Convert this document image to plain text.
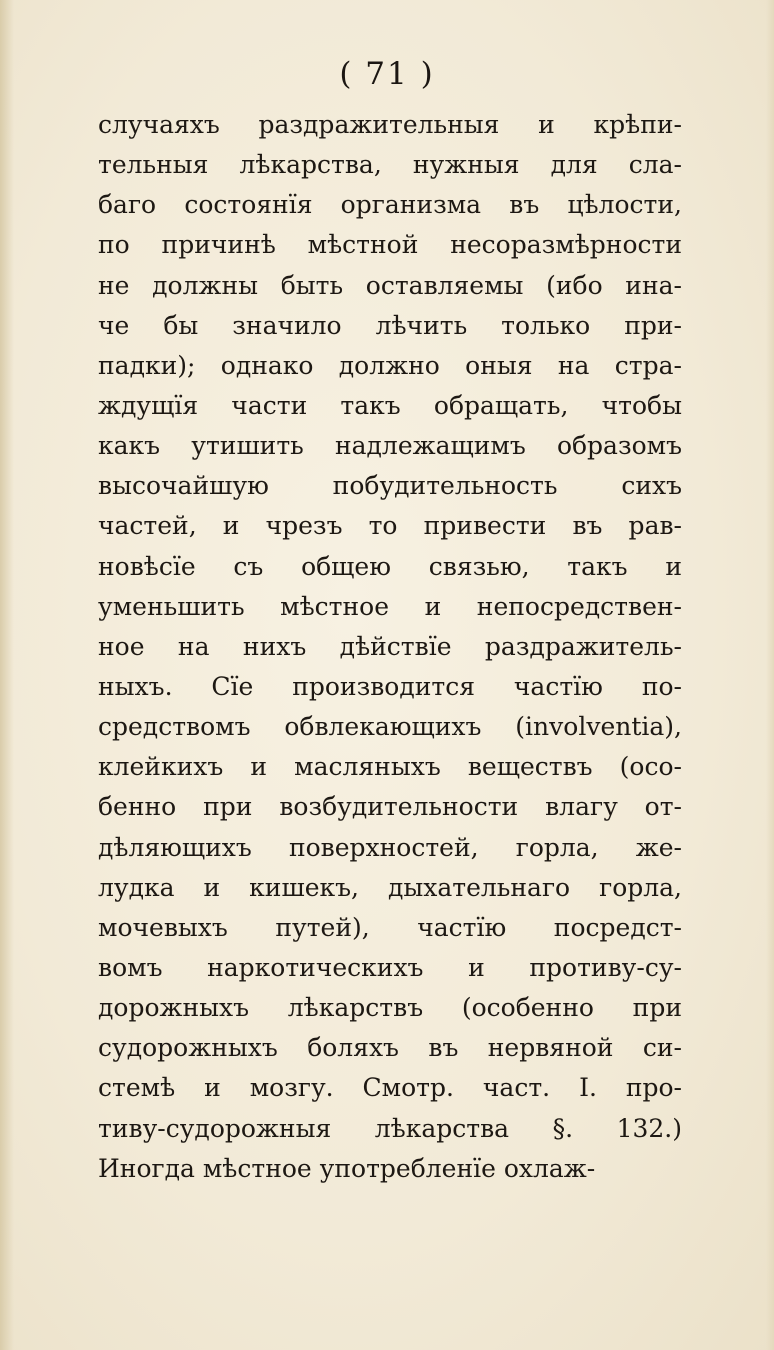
( 71 )
случаяхъ раздражительныя и крѣпи-
тельныя лѣкарства, нужныя для сла-
баго состоянїя организма въ цѣлости,
по причинѣ мѣстной несоразмѣрности
не должны быть оставляемы (ибо ина-
че бы значило лѣчить только при-
падки); однако должно оныя на стра-
ждущїя части такъ обращать, чтобы
какъ утишить надлежащимъ образомъ
высочайшую побудительность сихъ
частей, и чрезъ то привести въ рав-
новѣсїе съ общею связью, такъ и
уменьшить мѣстное и непосредствен-
ное на нихъ дѣйствїе раздражитель-
ныхъ. Сїе производится частїю по-
средствомъ обвлекающихъ (involventia),
клейкихъ и масляныхъ веществъ (осо-
бенно при возбудительности влагу от-
дѣляющихъ поверхностей, горла, же-
лудка и кишекъ, дыхательнаго горла,
мочевыхъ путей), частїю посредст-
вомъ наркотическихъ и противу-су-
дорожныхъ лѣкарствъ (особенно при
судорожныхъ боляхъ въ нервяной си-
стемѣ и мозгу. Смотр. част. I. про-
тиву-судорожныя лѣкарства §. 132.)
Иногда мѣстное употребленїе охлаж-
